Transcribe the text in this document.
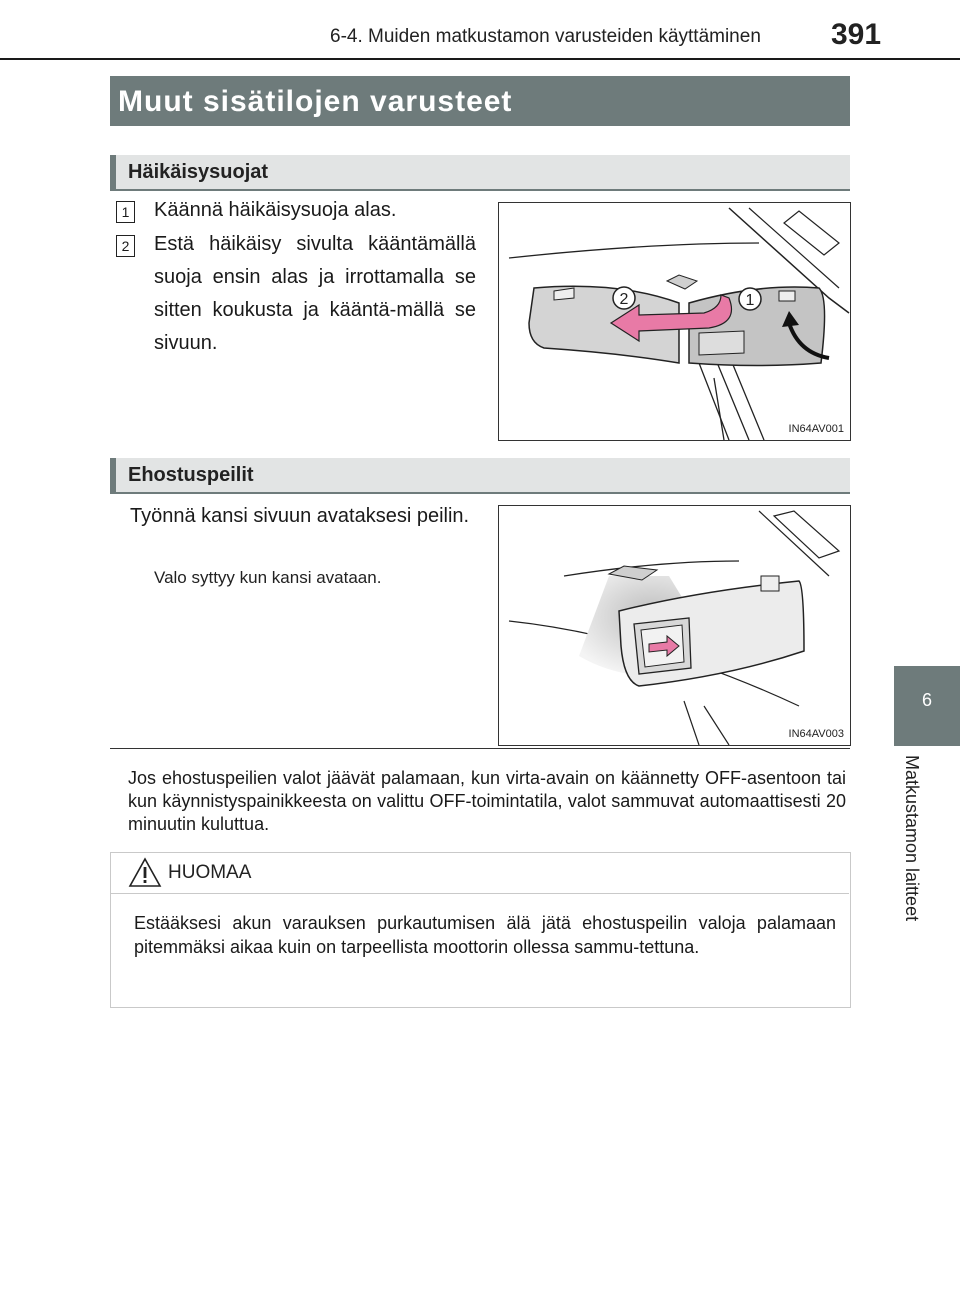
6-4. Muiden matkustamon varusteiden käyttäminen 391
6
Matkustamon laitteet
Muut sisätilojen varusteet
Häikäisysuojat
1 Käännä häikäisysuoja alas.
2 Estä häikäisy sivulta kääntämällä suoja ensin alas ja irrottamalla se sitten koukusta ja kääntä-mällä se sivuun.
2	1
IN64AV001
Ehostuspeilit
Työnnä kansi sivuun avataksesi peilin.
Valo syttyy kun kansi avataan.
IN64AV003
Jos ehostuspeilien valot jäävät palamaan, kun virta-avain on käännetty OFF-asentoon tai kun käynnistyspainikkeesta on valittu OFF-toimintatila, valot sammuvat automaattisesti 20 minuutin kuluttua.
HUOMAA
Estääksesi akun varauksen purkautumisen älä jätä ehostuspeilin valoja palamaan pitemmäksi aikaa kuin on tarpeellista moottorin ollessa sammu-tettuna.
